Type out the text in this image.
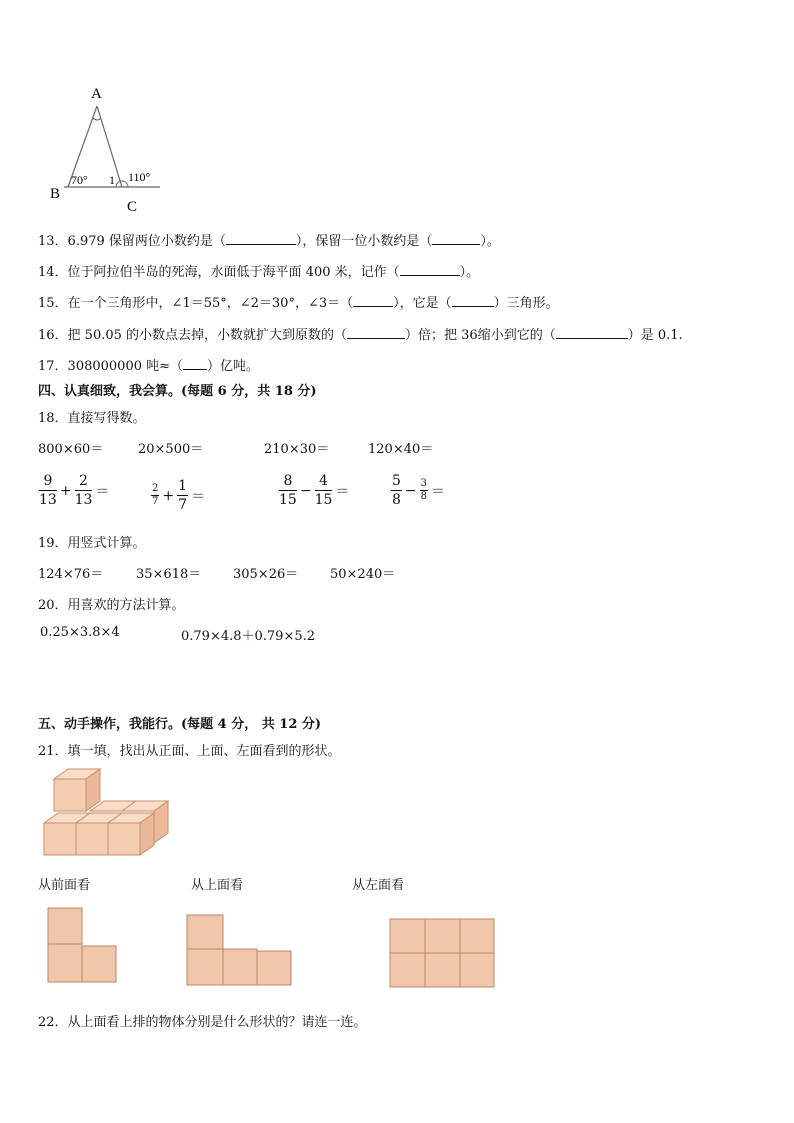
A
B
C
70° 1 110°
13．6.979 保留两位小数约是（	），保留一位小数约是（	）。
14．位于阿拉伯半岛的死海，水面低于海平面 400 米，记作（	）。
15．在一个三角形中，∠1＝55°，∠2＝30°，∠3＝（	），它是（	）三角形。
16．把 50.05 的小数点去掉，小数就扩大到原数的（	）倍；把 36缩小到它的（	）是 0.1.
17．308000000 吨≈（ ）亿吨。
四、认真细致，我会算。(每题 6 分，共 18 分)
18．直接写得数。
800×60＝	20×500＝	210×30＝	120×40＝
$\frac{9}{13} + \frac{2}{13}$ ＝	$\frac{2}{7} + \frac{1}{7}$ ＝	$\frac{8}{15} - \frac{4}{15}$ ＝	$\frac{5}{8} - \frac{3}{8}$ ＝
19．用竖式计算。
124×76＝	35×618＝ 305×26＝ 50×240＝
20．用喜欢的方法计算。
0.25×3.8×4	0.79×4.8＋0.79×5.2
五、动手操作，我能行。(每题 4 分， 共 12 分)
21．填一填，找出从正面、上面、左面看到的形状。
从前面看	从上面看	从左面看
22．从上面看上排的物体分别是什么形状的？请连一连。
